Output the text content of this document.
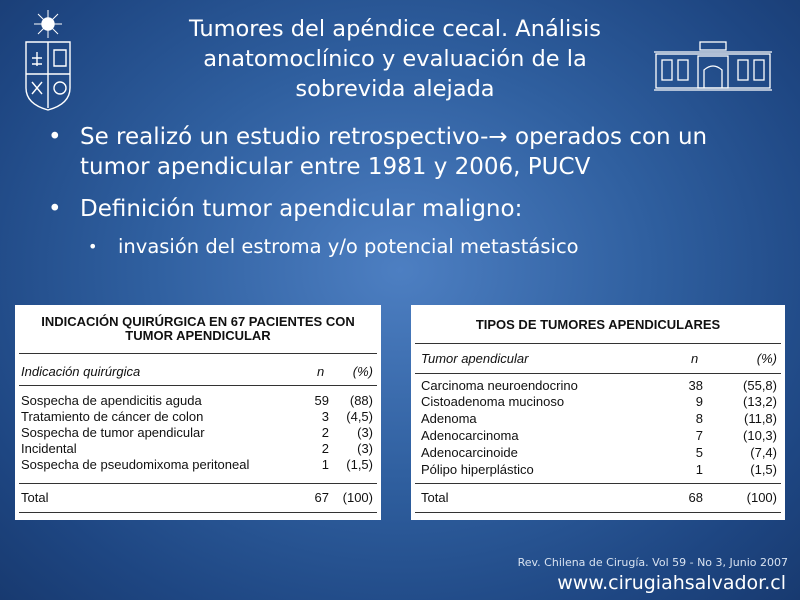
Tumores del apéndice cecal. Análisis anatomoclínico y evaluación de la sobrevida alejada
• Se realizó un estudio retrospectivo-→ operados con un tumor apendicular entre 1981 y 2006, PUCV
• Definición tumor apendicular maligno:
• invasión del estroma y/o potencial metastásico
INDICACIÓN QUIRÚRGICA EN 67 PACIENTES CON TUMOR APENDICULAR
Indicación quirúrgica	n (%)
Sospecha de apendicitis aguda	59 (88)
Tratamiento de cáncer de colon	3 (4,5)
Sospecha de tumor apendicular	2 (3)
Incidental	2 (3)
Sospecha de pseudomixoma peritoneal	1 (1,5)
Total	67 (100)
TIPOS DE TUMORES APENDICULARES
Tumor apendicular	n	(%)
Carcinoma neuroendocrino	38	(55,8)
Cistoadenoma mucinoso	9	(13,2)
Adenoma	8	(11,8)
Adenocarcinoma	7	(10,3)
Adenocarcinoide	5	(7,4)
Pólipo hiperplástico	1	(1,5)
Total	68	(100)
Rev. Chilena de Cirugía. Vol 59 - No 3, Junio 2007
www.cirugiahsalvador.cl
